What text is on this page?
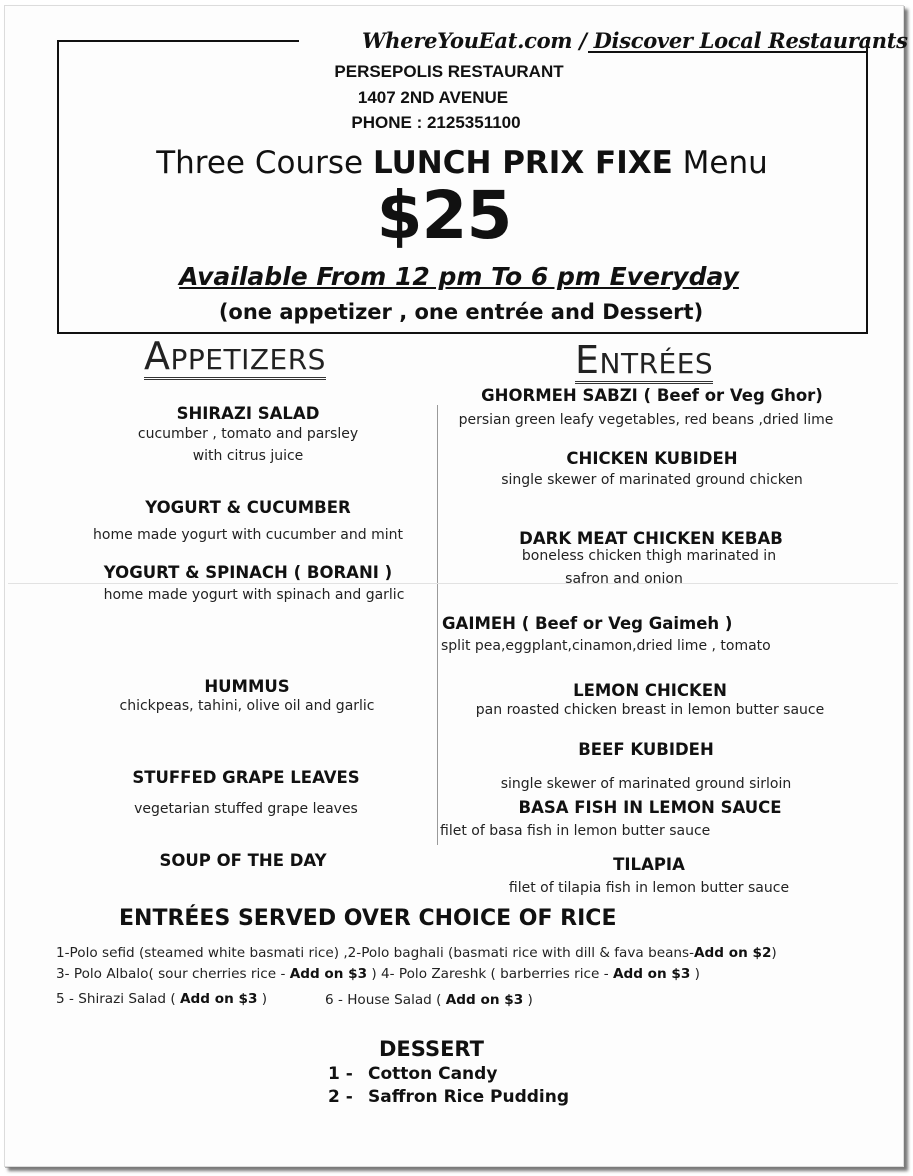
WhereYouEat.com / Discover Local Restaurants
PERSEPOLIS RESTAURANT
1407 2ND AVENUE
PHONE : 2125351100
Three Course LUNCH PRIX FIXE Menu
$25
Available From 12 pm To 6 pm Everyday
(one appetizer , one entrée and Dessert)
APPETIZERS	ENTRÉES
SHIRAZI SALAD
cucumber , tomato and parsley
with citrus juice
YOGURT & CUCUMBER
home made yogurt with cucumber and mint
YOGURT & SPINACH ( BORANI )
home made yogurt with spinach and garlic
HUMMUS
chickpeas, tahini, olive oil and garlic
STUFFED GRAPE LEAVES
vegetarian stuffed grape leaves
SOUP OF THE DAY
GHORMEH SABZI ( Beef or Veg Ghor)
persian green leafy vegetables, red beans ,dried lime
CHICKEN KUBIDEH
single skewer of marinated ground chicken
DARK MEAT CHICKEN KEBAB
boneless chicken thigh marinated in
safron and onion
GAIMEH ( Beef or Veg Gaimeh )
split pea,eggplant,cinamon,dried lime , tomato
LEMON CHICKEN
pan roasted chicken breast in lemon butter sauce
BEEF KUBIDEH
single skewer of marinated ground sirloin
BASA FISH IN LEMON SAUCE
filet of basa fish in lemon butter sauce
TILAPIA
filet of tilapia fish in lemon butter sauce
ENTRÉES SERVED OVER CHOICE OF RICE
1-Polo sefid (steamed white basmati rice) ,2-Polo baghali (basmati rice with dill & fava beans-Add on $2)
3- Polo Albalo( sour cherries rice - Add on $3 ) 4- Polo Zareshk ( barberries rice - Add on $3 )
5 - Shirazi Salad ( Add on $3 )	6 - House Salad ( Add on $3 )
DESSERT
1 - Cotton Candy
2 - Saffron Rice Pudding
